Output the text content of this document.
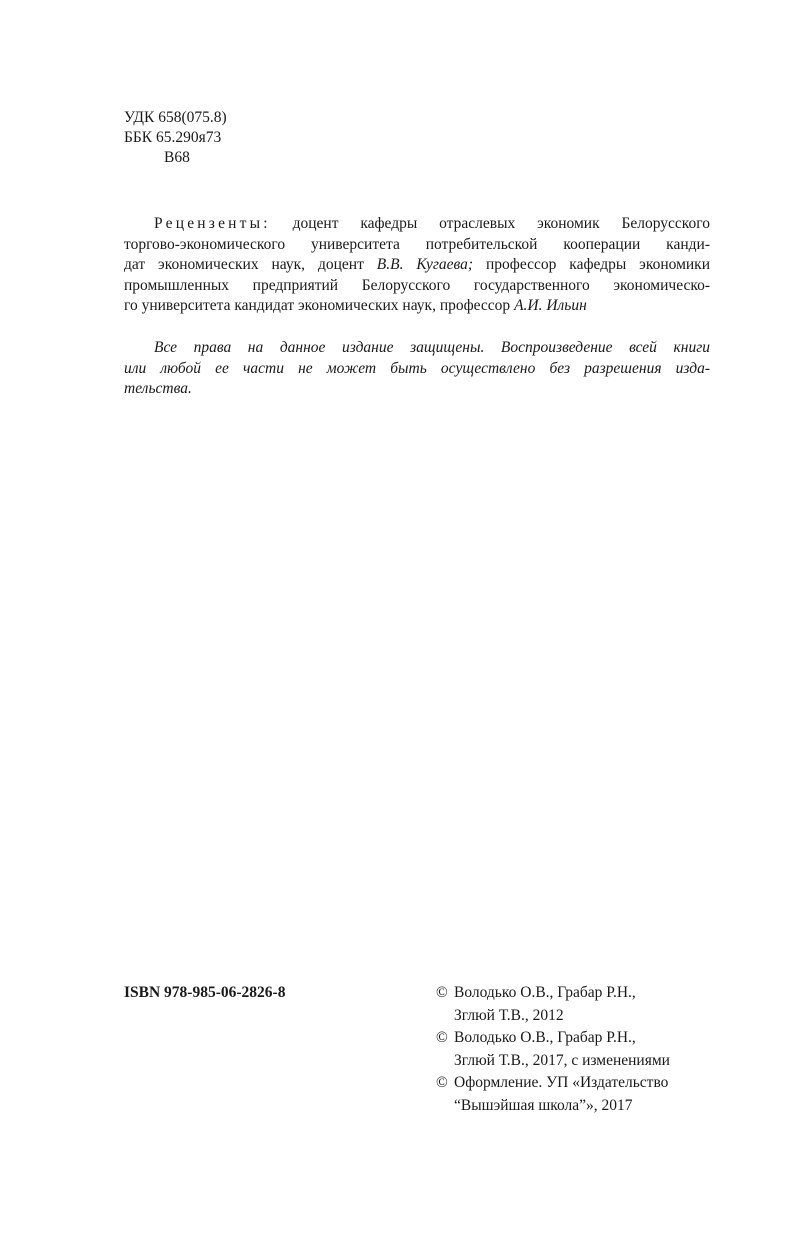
УДК 658(075.8)
ББК 65.290я73
В68
Рецензенты: доцент кафедры отраслевых экономик Белорусского
торгово-экономического университета потребительской кооперации канди-
дат экономических наук, доцент В.В. Кугаева; профессор кафедры экономики
промышленных предприятий Белорусского государственного экономическо-
го университета кандидат экономических наук, профессор А.И. Ильин
Все права на данное издание защищены. Воспроизведение всей книги
или любой ее части не может быть осуществлено без разрешения изда-
тельства.
ISBN 978-985-06-2826-8	© Володько О.В., Грабар Р.Н.,
Зглюй Т.В., 2012
© Володько О.В., Грабар Р.Н.,
Зглюй Т.В., 2017, с изменениями
© Оформление. УП «Издательство
“Вышэйшая школа”», 2017
